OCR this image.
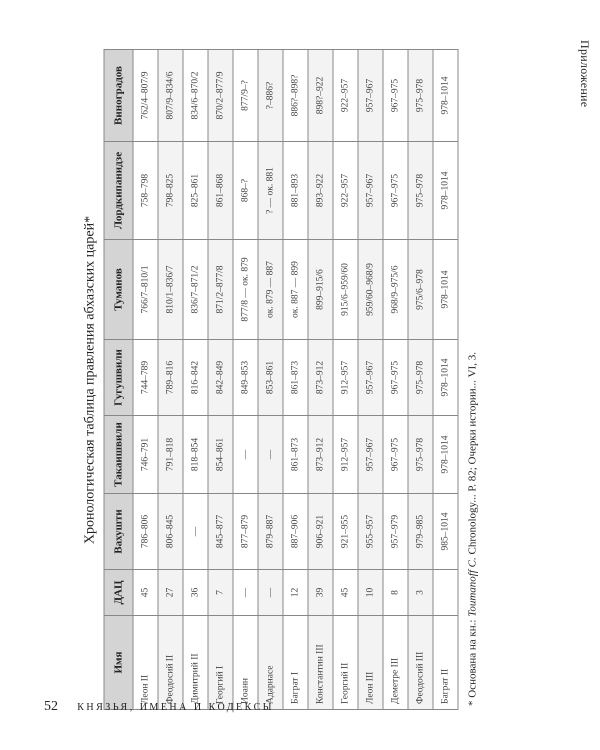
Приложение
Хронологическая таблица правления абхазских царей*
Имя	ДАЦ	Вахушти	Такаишвили	Гугушвили	Туманов	Лордкипанидзе	Виноградов
Леон II	45	786–806	746–791	744–789	766/7–810/1	758–798	762/4–807/9
Феодосий II	27	806–845	791–818	789–816	810/1–836/7	798–825	807/9–834/6
Димитрий II	36	—	818–854	816–842	836/7–871/2	825–861	834/6–870/2
Георгий I	7	845–877	854–861	842–849	871/2–877/8	861–868	870/2–877/9
Иоанн	—	877–879	—	849–853	877/8 — ок. 879	868–?	877/9–?
Адарнасе	—	879–887	—	853–861	ок. 879 — 887	? — ок. 881	?–886?
Баграт I	12	887–906	861–873	861–873	ок. 887 — 899	881–893	886?–898?
Константин III	39	906–921	873–912	873–912	899–915/6	893–922	898?–922
Георгий II	45	921–955	912–957	912–957	915/6–959/60	922–957	922–957
Леон III	10	955–957	957–967	957–967	959/60–968/9	957–967	957–967
Деметре III	8	957–979	967–975	967–975	968/9–975/6	967–975	967–975
Феодосий III	3	979–985	975–978	975–978	975/6–978	975–978	975–978
Баграт II		985–1014	978–1014	978–1014	978–1014	978–1014	978–1014
* Основана на кн.: Toumanoff C. Chronology... P. 82; Очерки истории... VI, 3.
52 КНЯЗЬЯ, ИМЕНА И КОДЕКСЫ
